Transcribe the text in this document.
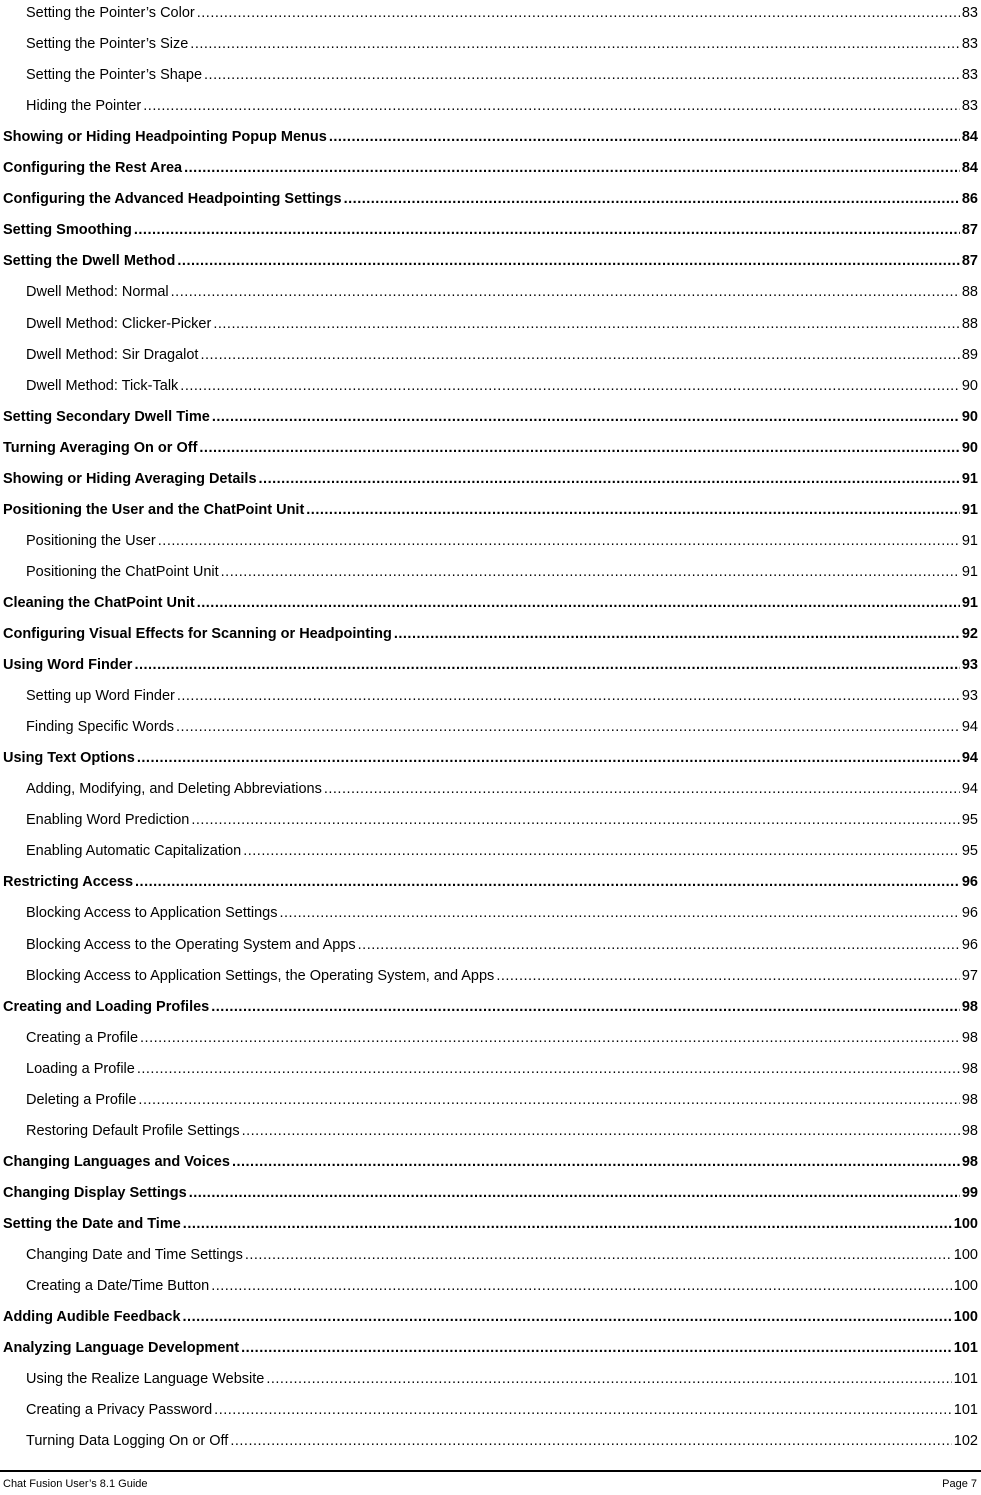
Setting the Pointer’s Color .....	83
Setting the Pointer’s Size .....	83
Setting the Pointer’s Shape .....	83
Hiding the Pointer .....	83
Showing or Hiding Headpointing Popup Menus .....	84
Configuring the Rest Area .....	84
Configuring the Advanced Headpointing Settings .....	86
Setting Smoothing .....	87
Setting the Dwell Method .....	87
Dwell Method: Normal .....	88
Dwell Method: Clicker-Picker .....	88
Dwell Method: Sir Dragalot .....	89
Dwell Method: Tick-Talk .....	90
Setting Secondary Dwell Time .....	90
Turning Averaging On or Off .....	90
Showing or Hiding Averaging Details .....	91
Positioning the User and the ChatPoint Unit .....	91
Positioning the User .....	91
Positioning the ChatPoint Unit .....	91
Cleaning the ChatPoint Unit .....	91
Configuring Visual Effects for Scanning or Headpointing .....	92
Using Word Finder .....	93
Setting up Word Finder .....	93
Finding Specific Words .....	94
Using Text Options .....	94
Adding, Modifying, and Deleting Abbreviations .....	94
Enabling Word Prediction .....	95
Enabling Automatic Capitalization .....	95
Restricting Access .....	96
Blocking Access to Application Settings .....	96
Blocking Access to the Operating System and Apps .....	96
Blocking Access to Application Settings, the Operating System, and Apps .....	97
Creating and Loading Profiles .....	98
Creating a Profile .....	98
Loading a Profile .....	98
Deleting a Profile .....	98
Restoring Default Profile Settings .....	98
Changing Languages and Voices .....	98
Changing Display Settings .....	99
Setting the Date and Time .....	100
Changing Date and Time Settings .....	100
Creating a Date/Time Button .....	100
Adding Audible Feedback .....	100
Analyzing Language Development .....	101
Using the Realize Language Website .....	101
Creating a Privacy Password .....	101
Turning Data Logging On or Off .....	102
Chat Fusion User’s 8.1 Guide	Page 7
